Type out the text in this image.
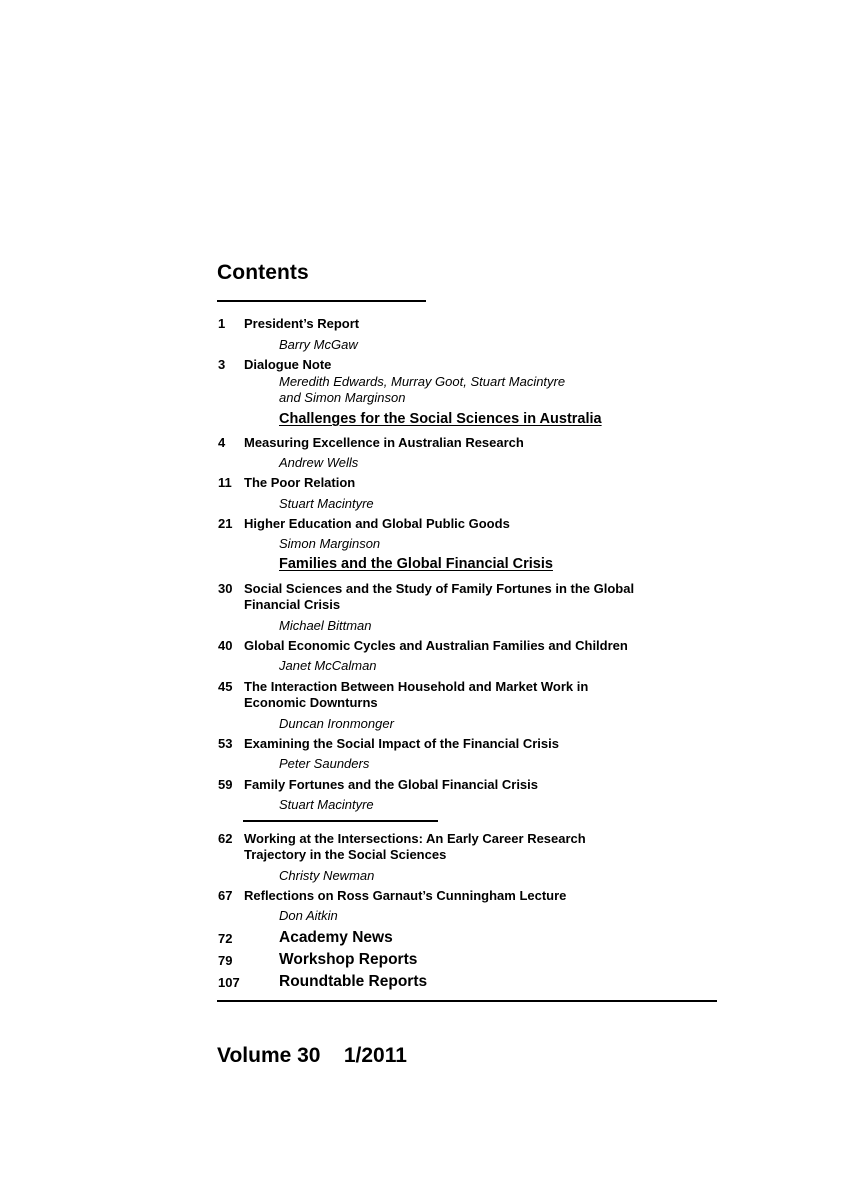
Contents
1 President’s Report
Barry McGaw
3 Dialogue Note
Meredith Edwards, Murray Goot, Stuart Macintyre
and Simon Marginson
Challenges for the Social Sciences in Australia
4 Measuring Excellence in Australian Research
Andrew Wells
11 The Poor Relation
Stuart Macintyre
21 Higher Education and Global Public Goods
Simon Marginson
Families and the Global Financial Crisis
30 Social Sciences and the Study of Family Fortunes in the Global
Financial Crisis
Michael Bittman
40 Global Economic Cycles and Australian Families and Children
Janet McCalman
45 The Interaction Between Household and Market Work in
Economic Downturns
Duncan Ironmonger
53 Examining the Social Impact of the Financial Crisis
Peter Saunders
59 Family Fortunes and the Global Financial Crisis
Stuart Macintyre
62 Working at the Intersections: An Early Career Research
Trajectory in the Social Sciences
Christy Newman
67 Reflections on Ross Garnaut’s Cunningham Lecture
Don Aitkin
72	Academy News
79	Workshop Reports
107	Roundtable Reports
Volume 30    1/2011
